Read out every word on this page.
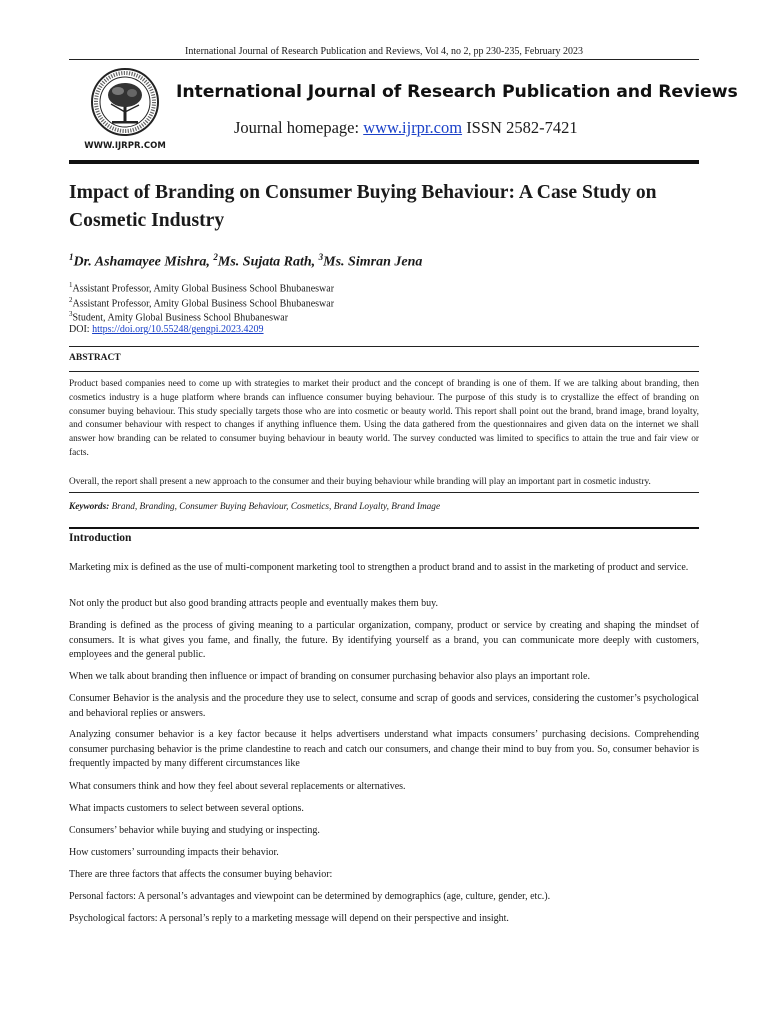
International Journal of Research Publication and Reviews, Vol 4, no 2, pp 230-235, February 2023
WWW.IJRPR.COM
International Journal of Research Publication and Reviews
Journal homepage: www.ijrpr.com ISSN 2582-7421
Impact of Branding on Consumer Buying Behaviour: A Case Study on Cosmetic Industry
$^1$Dr. Ashamayee Mishra, $^2$Ms. Sujata Rath, $^3$Ms. Simran Jena
$^1$Assistant Professor, Amity Global Business School Bhubaneswar
$^2$Assistant Professor, Amity Global Business School Bhubaneswar
$^3$Student, Amity Global Business School Bhubaneswar
DOI: https://doi.org/10.55248/gengpi.2023.4209
ABSTRACT
Product based companies need to come up with strategies to market their product and the concept of branding is one of them. If we are talking about branding, then cosmetics industry is a huge platform where brands can influence consumer buying behaviour. The purpose of this study is to crystallize the effect of branding on consumer buying behaviour. This study specially targets those who are into cosmetic or beauty world. This report shall point out the brand, brand image, brand loyalty, and consumer behaviour with respect to changes if anything influence them. Using the data gathered from the questionnaires and given data on the internet we shall answer how branding can be related to consumer buying behaviour in beauty world. The survey conducted was limited to specifics to attain the true and fair view or facts.
Overall, the report shall present a new approach to the consumer and their buying behaviour while branding will play an important part in cosmetic industry.
Keywords: Brand, Branding, Consumer Buying Behaviour, Cosmetics, Brand Loyalty, Brand Image
Introduction
Marketing mix is defined as the use of multi-component marketing tool to strengthen a product brand and to assist in the marketing of product and service.
Not only the product but also good branding attracts people and eventually makes them buy.
Branding is defined as the process of giving meaning to a particular organization, company, product or service by creating and shaping the mindset of consumers. It is what gives you fame, and finally, the future. By identifying yourself as a brand, you can communicate more deeply with customers, employees and the general public.
When we talk about branding then influence or impact of branding on consumer purchasing behavior also plays an important role.
Consumer Behavior is the analysis and the procedure they use to select, consume and scrap of goods and services, considering the customer’s psychological and behavioral replies or answers.
Analyzing consumer behavior is a key factor because it helps advertisers understand what impacts consumers’ purchasing decisions. Comprehending consumer purchasing behavior is the prime clandestine to reach and catch our consumers, and change their mind to buy from you. So, consumer behavior is frequently impacted by many different circumstances like
What consumers think and how they feel about several replacements or alternatives.
What impacts customers to select between several options.
Consumers’ behavior while buying and studying or inspecting.
How customers’ surrounding impacts their behavior.
There are three factors that affects the consumer buying behavior:
Personal factors: A personal’s advantages and viewpoint can be determined by demographics (age, culture, gender, etc.).
Psychological factors: A personal’s reply to a marketing message will depend on their perspective and insight.
